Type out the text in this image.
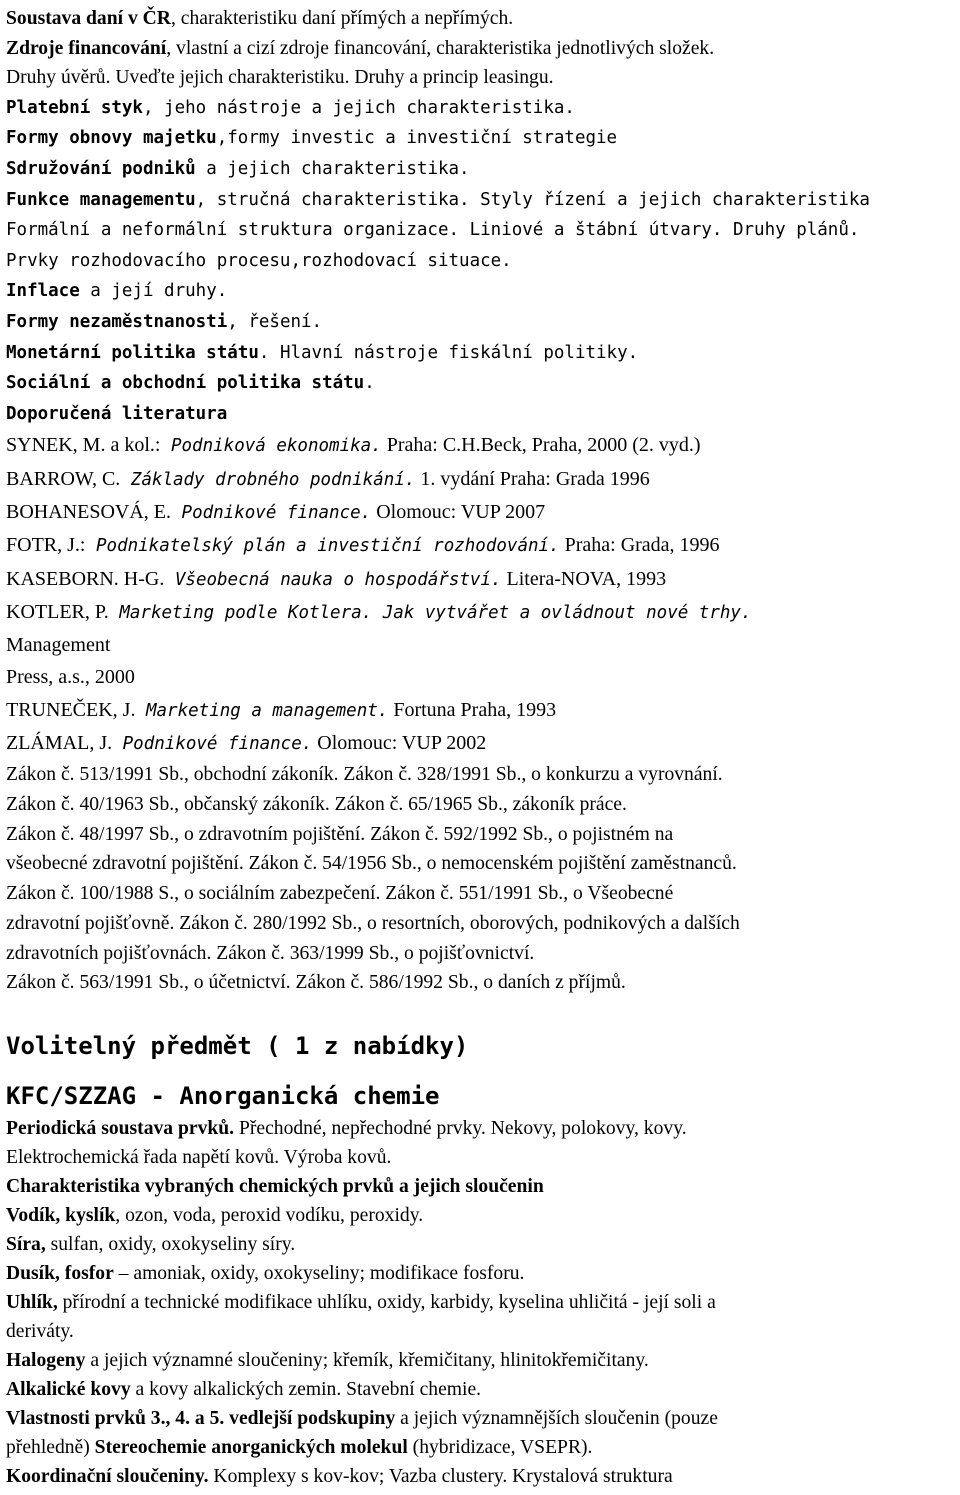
Soustava daní v ČR, charakteristiku daní přímých a nepřímých.
Zdroje financování, vlastní a cizí zdroje financování, charakteristika jednotlivých složek.
Druhy úvěrů. Uveďte jejich charakteristiku. Druhy a princip leasingu.
Platební styk, jeho nástroje a jejich charakteristika.
Formy obnovy majetku,formy investic a investiční strategie
Sdružování podniků a jejich charakteristika.
Funkce managementu, stručná charakteristika. Styly řízení a jejich charakteristika
Formální a neformální struktura organizace. Liniové a štábní útvary. Druhy plánů.
Prvky rozhodovacího procesu,rozhodovací situace.
Inflace a její druhy.
Formy nezaměstnanosti, řešení.
Monetární politika státu. Hlavní nástroje fiskální politiky.
Sociální a obchodní politika státu.
Doporučená literatura
SYNEK, M. a kol.: Podniková ekonomika. Praha: C.H.Beck, Praha, 2000 (2. vyd.)
BARROW, C. Základy drobného podnikání. 1. vydání Praha: Grada 1996
BOHANESOVÁ, E. Podnikové finance. Olomouc: VUP 2007
FOTR, J.: Podnikatelský plán a investiční rozhodování. Praha: Grada, 1996
KASEBORN. H-G. Všeobecná nauka o hospodářství. Litera-NOVA, 1993
KOTLER, P. Marketing podle Kotlera. Jak vytvářet a ovládnout nové trhy.
Management
Press, a.s., 2000
TRUNEČEK, J. Marketing a management. Fortuna Praha, 1993
ZLÁMAL, J. Podnikové finance. Olomouc: VUP 2002
Zákon č. 513/1991 Sb., obchodní zákoník. Zákon č. 328/1991 Sb., o konkurzu a vyrovnání.
Zákon č. 40/1963 Sb., občanský zákoník. Zákon č. 65/1965 Sb., zákoník práce.
Zákon č. 48/1997 Sb., o zdravotním pojištění. Zákon č. 592/1992 Sb., o pojistném na
všeobecné zdravotní pojištění. Zákon č. 54/1956 Sb., o nemocenském pojištění zaměstnanců.
Zákon č. 100/1988 S., o sociálním zabezpečení. Zákon č. 551/1991 Sb., o Všeobecné
zdravotní pojišťovně. Zákon č. 280/1992 Sb., o resortních, oborových, podnikových a dalších
zdravotních pojišťovnách. Zákon č. 363/1999 Sb., o pojišťovnictví.
Zákon č. 563/1991 Sb., o účetnictví. Zákon č. 586/1992 Sb., o daních z příjmů.
Volitelný předmět ( 1 z nabídky)
KFC/SZZAG - Anorganická chemie
Periodická soustava prvků. Přechodné, nepřechodné prvky. Nekovy, polokovy, kovy.
Elektrochemická řada napětí kovů. Výroba kovů.
Charakteristika vybraných chemických prvků a jejich sloučenin
Vodík, kyslík, ozon, voda, peroxid vodíku, peroxidy.
Síra, sulfan, oxidy, oxokyseliny síry.
Dusík, fosfor – amoniak, oxidy, oxokyseliny; modifikace fosforu.
Uhlík, přírodní a technické modifikace uhlíku, oxidy, karbidy, kyselina uhličitá - její soli a
deriváty.
Halogeny a jejich významné sloučeniny; křemík, křemičitany, hlinitokřemičitany.
Alkalické kovy a kovy alkalických zemin. Stavební chemie.
Vlastnosti prvků 3., 4. a 5. vedlejší podskupiny a jejich významnějších sloučenin (pouze
přehledně) Stereochemie anorganických molekul (hybridizace, VSEPR).
Koordinační sloučeniny. Komplexy s kov-kov; Vazba clustery. Krystalová struktura
